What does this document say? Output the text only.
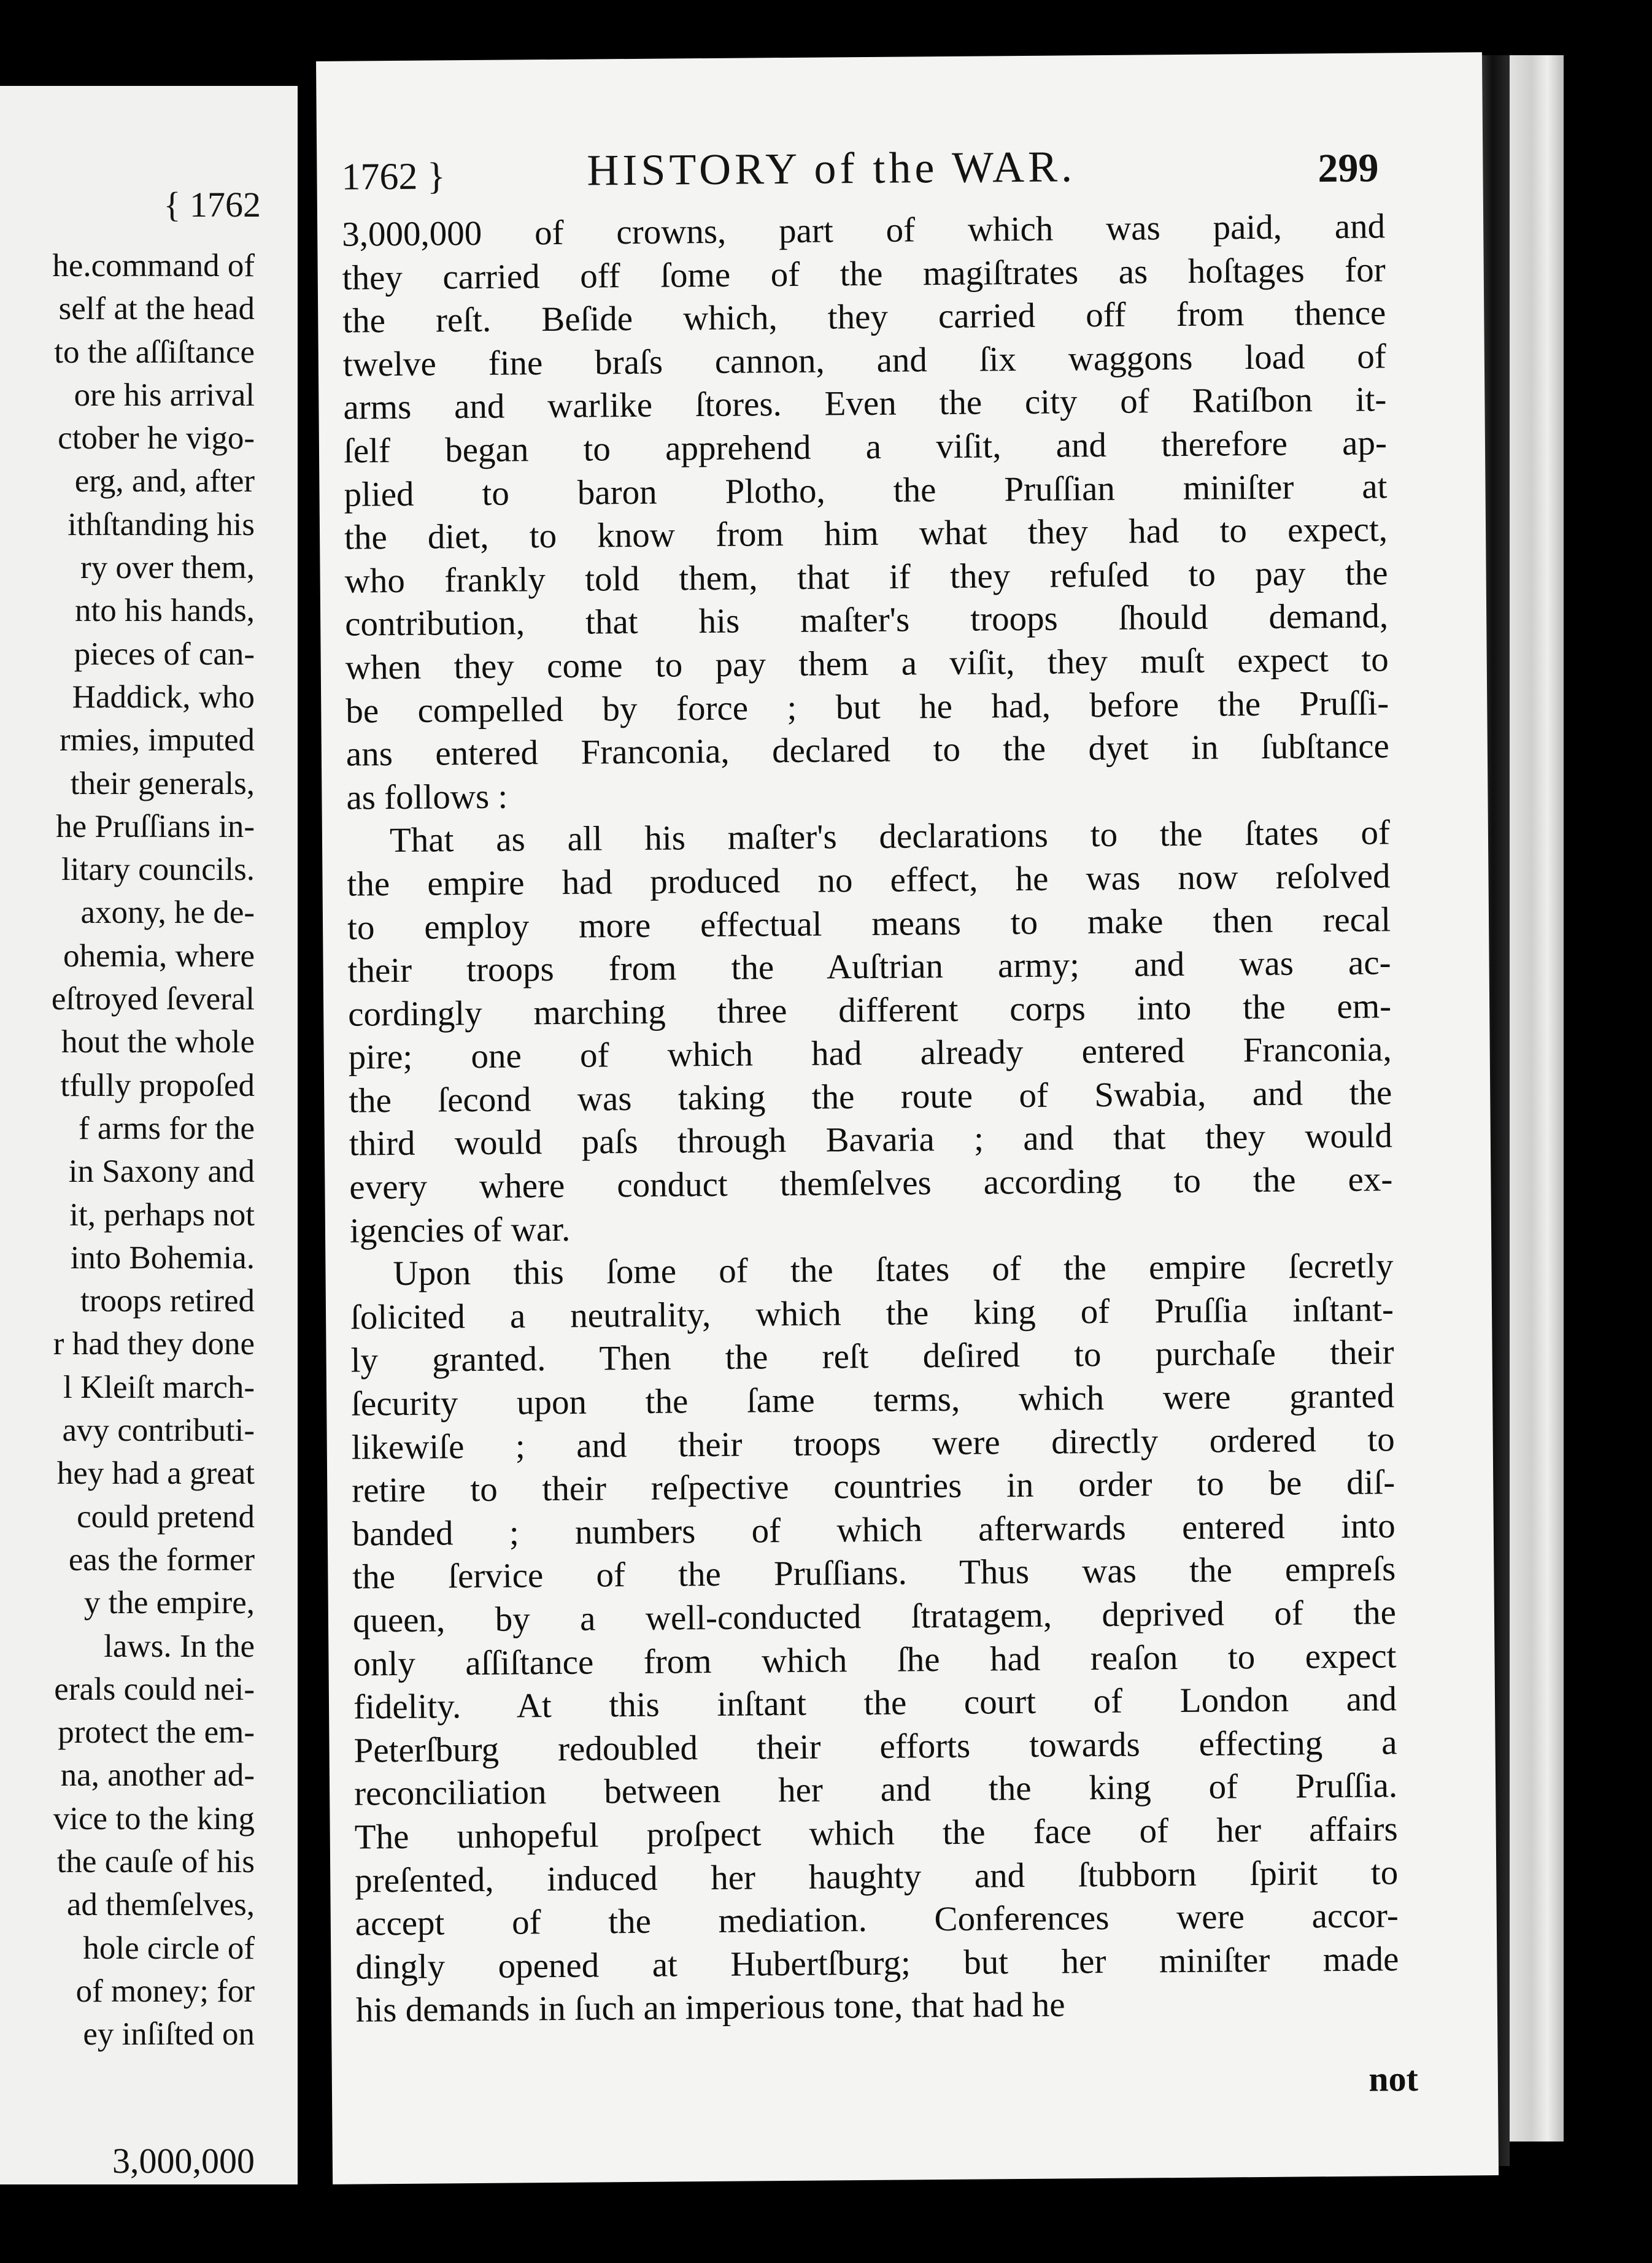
{ 1762
he.command of
self at the head
to the aſſiſtance
ore his arrival
ctober he vigo-
erg, and, after
ithſtanding his
ry over them,
nto his hands,
pieces of can-
Haddick, who
rmies, imputed
their generals,
he Pruſſians in-
litary councils.
axony, he de-
ohemia, where
eſtroyed ſeveral
hout the whole
tfully propoſed
f arms for the
in Saxony and
it, perhaps not
into Bohemia.
troops retired
r had they done
l Kleiſt march-
avy contributi-
hey had a great
could pretend
eas the former
y the empire,
laws. In the
erals could nei-
protect the em-
na, another ad-
vice to the king
the cauſe of his
ad themſelves,
hole circle of
of money; for
ey inſiſted on
3,000,000
1762 }	HISTORY of the WAR.	299
3,000,000 of crowns, part of which was paid, and
they carried off ſome of the magiſtrates as hoſtages for
the reſt. Beſide which, they carried off from thence
twelve fine braſs cannon, and ſix waggons load of
arms and warlike ſtores. Even the city of Ratiſbon it-
ſelf began to apprehend a viſit, and therefore ap-
plied to baron Plotho, the Pruſſian miniſter at
the diet, to know from him what they had to expect,
who frankly told them, that if they refuſed to pay the
contribution, that his maſter's troops ſhould demand,
when they come to pay them a viſit, they muſt expect to
be compelled by force ; but he had, before the Pruſſi-
ans entered Franconia, declared to the dyet in ſubſtance
as follows :
That as all his maſter's declarations to the ſtates of
the empire had produced no effect, he was now reſolved
to employ more effectual means to make then recal
their troops from the Auſtrian army; and was ac-
cordingly marching three different corps into the em-
pire; one of which had already entered Franconia,
the ſecond was taking the route of Swabia, and the
third would paſs through Bavaria ; and that they would
every where conduct themſelves according to the ex-
igencies of war.
Upon this ſome of the ſtates of the empire ſecretly
ſolicited a neutrality, which the king of Pruſſia inſtant-
ly granted. Then the reſt deſired to purchaſe their
ſecurity upon the ſame terms, which were granted
likewiſe ; and their troops were directly ordered to
retire to their reſpective countries in order to be diſ-
banded ; numbers of which afterwards entered into
the ſervice of the Pruſſians. Thus was the empreſs
queen, by a well-conducted ſtratagem, deprived of the
only aſſiſtance from which ſhe had reaſon to expect
fidelity. At this inſtant the court of London and
Peterſburg redoubled their efforts towards effecting a
reconciliation between her and the king of Pruſſia.
The unhopeful proſpect which the face of her affairs
preſented, induced her haughty and ſtubborn ſpirit to
accept of the mediation. Conferences were accor-
dingly opened at Hubertſburg; but her miniſter made
his demands in ſuch an imperious tone, that had he
not
